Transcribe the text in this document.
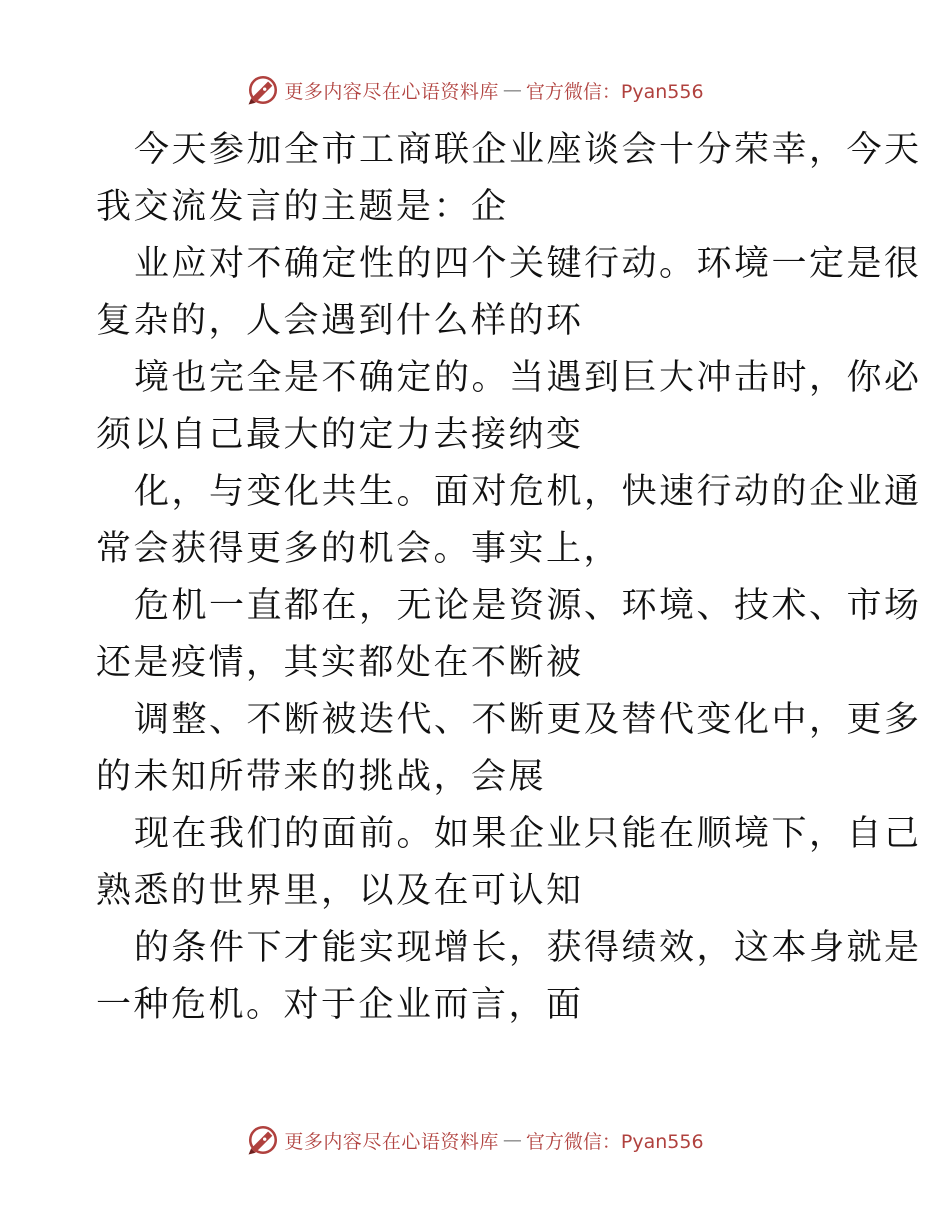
更多内容尽在心语资料库 — 官方微信：Pyan556
今天参加全市工商联企业座谈会十分荣幸，今天
我交流发言的主题是：企
业应对不确定性的四个关键行动。环境一定是很
复杂的，人会遇到什么样的环
境也完全是不确定的。当遇到巨大冲击时，你必
须以自己最大的定力去接纳变
化，与变化共生。面对危机，快速行动的企业通
常会获得更多的机会。事实上，
危机一直都在，无论是资源、环境、技术、市场
还是疫情，其实都处在不断被
调整、不断被迭代、不断更及替代变化中，更多
的未知所带来的挑战，会展
现在我们的面前。如果企业只能在顺境下，自己
熟悉的世界里，以及在可认知
的条件下才能实现增长，获得绩效，这本身就是
一种危机。对于企业而言，面
更多内容尽在心语资料库 — 官方微信：Pyan556
